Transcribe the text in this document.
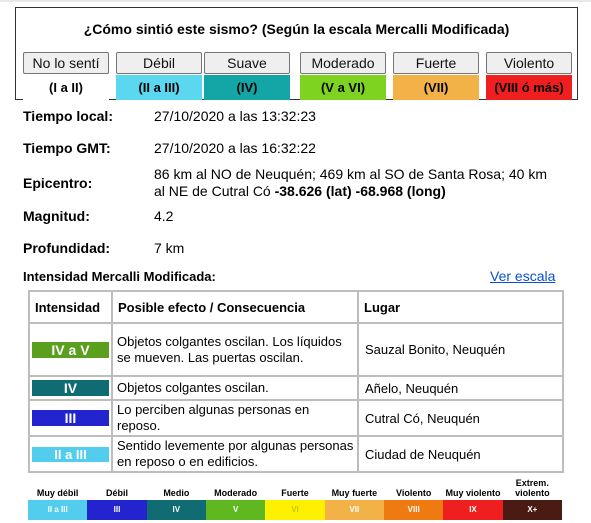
¿Cómo sintió este sismo? (Según la escala Mercalli Modificada)
No lo sentí
(I a II)
Débil
(II a III)
Suave
(IV)
Moderado
(V a VI)
Fuerte
(VII)
Violento
(VIII ó más)
Tiempo local:	27/10/2020 a las 13:32:23
Tiempo GMT:	27/10/2020 a las 16:32:22
Epicentro:
86 km al NO de Neuquén; 469 km al SO de Santa Rosa; 40 km al NE de Cutral Có -38.626 (lat) -68.968 (long)
Magnitud:	4.2
Profundidad:	7 km
Intensidad Mercalli Modificada:	Ver escala
Intensidad	Posible efecto / Consecuencia	Lugar

IV a V	Objetos colgantes oscilan. Los líquidos se mueven. Las puertas oscilan.	Sauzal Bonito, Neuquén

IV	Objetos colgantes oscilan.	Añelo, Neuquén

III	Lo perciben algunas personas en reposo.	Cutral Có, Neuquén

II a III	Sentido levemente por algunas personas en reposo o en edificios.	Ciudad de Neuquén
Muy débil
II a III
Débil
III
Medio
IV
Moderado
V
Fuerte
VI
Muy fuerte
VII
Violento
VIII
Muy violento
IX
Extrem. violento
X+
